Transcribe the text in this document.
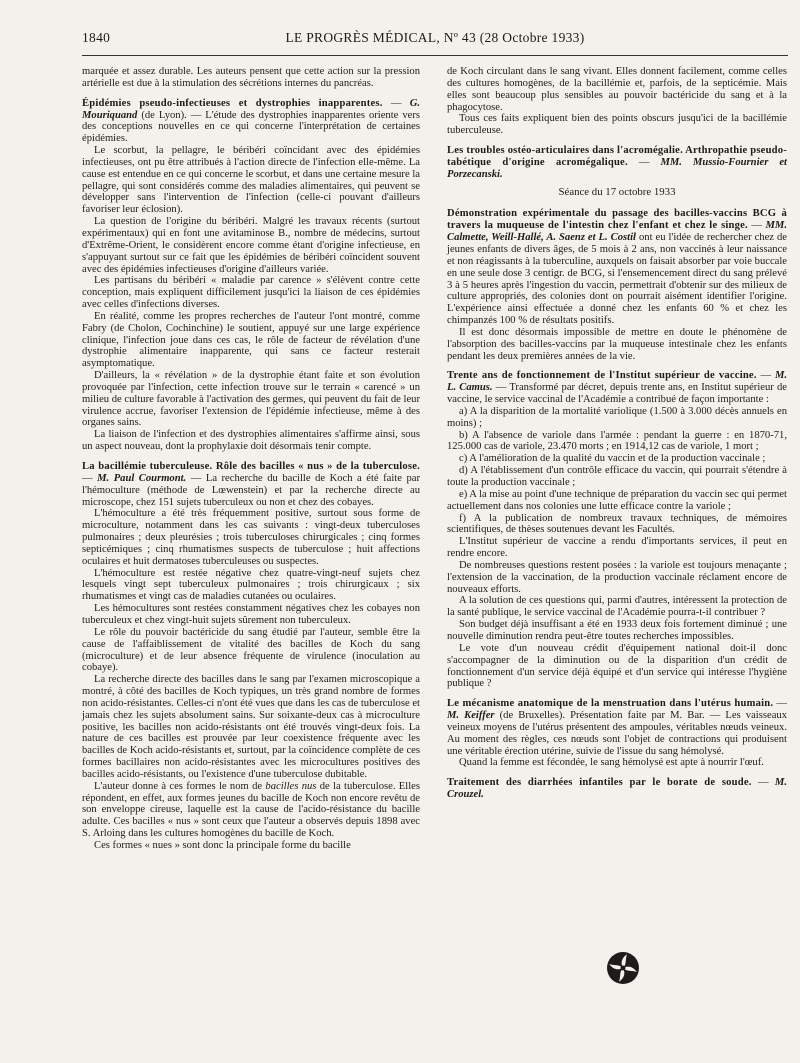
1840	LE PROGRÈS MÉDICAL, Nº 43 (28 Octobre 1933)

marquée et assez durable. Les auteurs pensent que cette action sur la pression artérielle est due à la stimulation des sécrétions internes du pancréas.

Épidémies pseudo-infectieuses et dystrophies inapparentes. — G. Mouriquand (de Lyon). — L'étude des dystrophies inapparentes oriente vers des conceptions nouvelles en ce qui concerne l'interprétation de certaines épidémies.

Le scorbut, la pellagre, le béribéri coïncidant avec des épidémies infectieuses, ont pu être attribués à l'action directe de l'infection elle-même. La cause est entendue en ce qui concerne le scorbut, et dans une certaine mesure la pellagre, qui sont considérés comme des maladies alimentaires, qui peuvent se développer sans l'intervention de l'infection (celle-ci pouvant d'ailleurs favoriser leur éclosion).

La question de l'origine du béribéri. Malgré les travaux récents (surtout expérimentaux) qui en font une avitaminose B., nombre de médecins, surtout d'Extrême-Orient, le considèrent encore comme étant d'origine infectieuse, en s'appuyant surtout sur ce fait que les épidémies de béribéri coïncident souvent avec des épidémies infectieuses d'origine d'ailleurs variée.

Les partisans du béribéri « maladie par carence » s'élèvent contre cette conception, mais expliquent difficilement jusqu'ici la liaison de ces épidémies avec celles d'infections diverses.

En réalité, comme les propres recherches de l'auteur l'ont montré, comme Fabry (de Cholon, Cochinchine) le soutient, appuyé sur une large expérience clinique, l'infection joue dans ces cas, le rôle de facteur de révélation d'une dystrophie alimentaire inapparente, qui sans ce facteur resterait asymptomatique.

D'ailleurs, la « révélation » de la dystrophie étant faite et son évolution provoquée par l'infection, cette infection trouve sur le terrain « carencé » un milieu de culture favorable à l'activation des germes, qui peuvent du fait de leur virulence accrue, favoriser l'extension de l'épidémie infectieuse, même à des organes sains.

La liaison de l'infection et des dystrophies alimentaires s'affirme ainsi, sous un aspect nouveau, dont la prophylaxie doit désormais tenir compte.

La bacillémie tuberculeuse. Rôle des bacilles « nus » de la tuberculose. — M. Paul Courmont. — La recherche du bacille de Koch a été faite par l'hémoculture (méthode de Lœwenstein) et par la recherche directe au microscope, chez 151 sujets tuberculeux ou non et chez des cobayes.

L'hémoculture a été très fréquemment positive, surtout sous forme de microculture, notamment dans les cas suivants : vingt-deux tuberculoses pulmonaires ; deux pleurésies ; trois tuberculoses chirurgicales ; cinq formes septicémiques ; cinq rhumatismes suspects de tuberculose ; huit affections oculaires et huit dermatoses tuberculeuses ou suspectes.

L'hémoculture est restée négative chez quatre-vingt-neuf sujets chez lesquels vingt sept tuberculeux pulmonaires ; trois chirurgicaux ; six rhumatismes et vingt cas de maladies cutanées ou oculaires.

Les hémocultures sont restées constamment négatives chez les cobayes non tuberculeux et chez vingt-huit sujets sûrement non tuberculeux.

Le rôle du pouvoir bactéricide du sang étudié par l'auteur, semble être la cause de l'affaiblissement de vitalité des bacilles de Koch du sang (microculture) et de leur absence fréquente de virulence (inoculation au cobaye).

La recherche directe des bacilles dans le sang par l'examen microscopique a montré, à côté des bacilles de Koch typiques, un très grand nombre de formes non acido-résistantes. Celles-ci n'ont été vues que dans les cas de tuberculose et jamais chez les sujets absolument sains. Sur soixante-deux cas à microculture positive, les bacilles non acido-résistants ont été trouvés vingt-deux fois. La nature de ces bacilles est prouvée par leur coexistence fréquente avec les bacilles de Koch acido-résistants et, surtout, par la coïncidence complète de ces formes bacillaires non acido-résistantes avec les microcultures positives des bacilles acido-résistants, ou l'existence d'une tuberculose dubitable.

L'auteur donne à ces formes le nom de bacilles nus de la tuberculose. Elles répondent, en effet, aux formes jeunes du bacille de Koch non encore revêtu de son enveloppe cireuse, laquelle est la cause de l'acido-résistance du bacille adulte. Ces bacilles « nus » sont ceux que l'auteur a observés depuis 1898 avec S. Arloing dans les cultures homogènes du bacille de Koch.

Ces formes « nues » sont donc la principale forme du bacille

de Koch circulant dans le sang vivant. Elles donnent facilement, comme celles des cultures homogènes, de la bacillémie et, parfois, de la septicémie. Mais elles sont beaucoup plus sensibles au pouvoir bactéricide du sang et à la phagocytose.

Tous ces faits expliquent bien des points obscurs jusqu'ici de la bacillémie tuberculeuse.

Les troubles ostéo-articulaires dans l'acromégalie. Arthropathie pseudo-tabétique d'origine acromégalique. — MM. Mussio-Fournier et Porzecanski.

Séance du 17 octobre 1933

Démonstration expérimentale du passage des bacilles-vaccins BCG à travers la muqueuse de l'intestin chez l'enfant et chez le singe. — MM. Calmette, Weill-Hallé, A. Saenz et L. Costil ont eu l'idée de rechercher chez de jeunes enfants de divers âges, de 5 mois à 2 ans, non vaccinés à leur naissance et non réagissants à la tuberculine, auxquels on faisait absorber par voie buccale en une seule dose 3 centigr. de BCG, si l'ensemencement direct du sang prélevé 3 à 5 heures après l'ingestion du vaccin, permettrait d'obtenir sur des milieux de culture appropriés, des colonies dont on pourrait aisément identifier l'origine. L'expérience ainsi effectuée a donné chez les enfants 60 % et chez les chimpanzés 100 % de résultats positifs.

Il est donc désormais impossible de mettre en doute le phénomène de l'absorption des bacilles-vaccins par la muqueuse intestinale chez les enfants pendant les deux premières années de la vie.

Trente ans de fonctionnement de l'Institut supérieur de vaccine. — M. L. Camus. — Transformé par décret, depuis trente ans, en Institut supérieur de vaccine, le service vaccinal de l'Académie a contribué de façon importante :

a) A la disparition de la mortalité variolique (1.500 à 3.000 décès annuels en moins) ;

b) A l'absence de variole dans l'armée : pendant la guerre : en 1870-71, 125.000 cas de variole, 23.470 morts ; en 1914,12 cas de variole, 1 mort ;

c) A l'amélioration de la qualité du vaccin et de la production vaccinale ;

d) A l'établissement d'un contrôle efficace du vaccin, qui pourrait s'étendre à toute la production vaccinale ;

e) A la mise au point d'une technique de préparation du vaccin sec qui permet actuellement dans nos colonies une lutte efficace contre la variole ;

f) A la publication de nombreux travaux techniques, de mémoires scientifiques, de thèses soutenues devant les Facultés.

L'Institut supérieur de vaccine a rendu d'importants services, il peut en rendre encore.

De nombreuses questions restent posées : la variole est toujours menaçante ; l'extension de la vaccination, de la production vaccinale réclament encore de nouveaux efforts.

A la solution de ces questions qui, parmi d'autres, intéressent la protection de la santé publique, le service vaccinal de l'Académie pourra-t-il contribuer ?

Son budget déjà insuffisant a été en 1933 deux fois fortement diminué ; une nouvelle diminution rendra peut-être toutes recherches impossibles.

Le vote d'un nouveau crédit d'équipement national doit-il donc s'accompagner de la diminution ou de la disparition d'un crédit de fonctionnement d'un service déjà équipé et d'un service qui intéresse l'hygiène publique ?

Le mécanisme anatomique de la menstruation dans l'utérus humain. — M. Keiffer (de Bruxelles). Présentation faite par M. Bar. — Les vaisseaux veineux moyens de l'utérus présentent des ampoules, véritables nœuds veineux. Au moment des règles, ces nœuds sont l'objet de contractions qui produisent une véritable érection utérine, suivie de l'issue du sang hémolysé.

Quand la femme est fécondée, le sang hémolysé est apte à nourrir l'œuf.

Traitement des diarrhées infantiles par le borate de soude. — M. Crouzel.
